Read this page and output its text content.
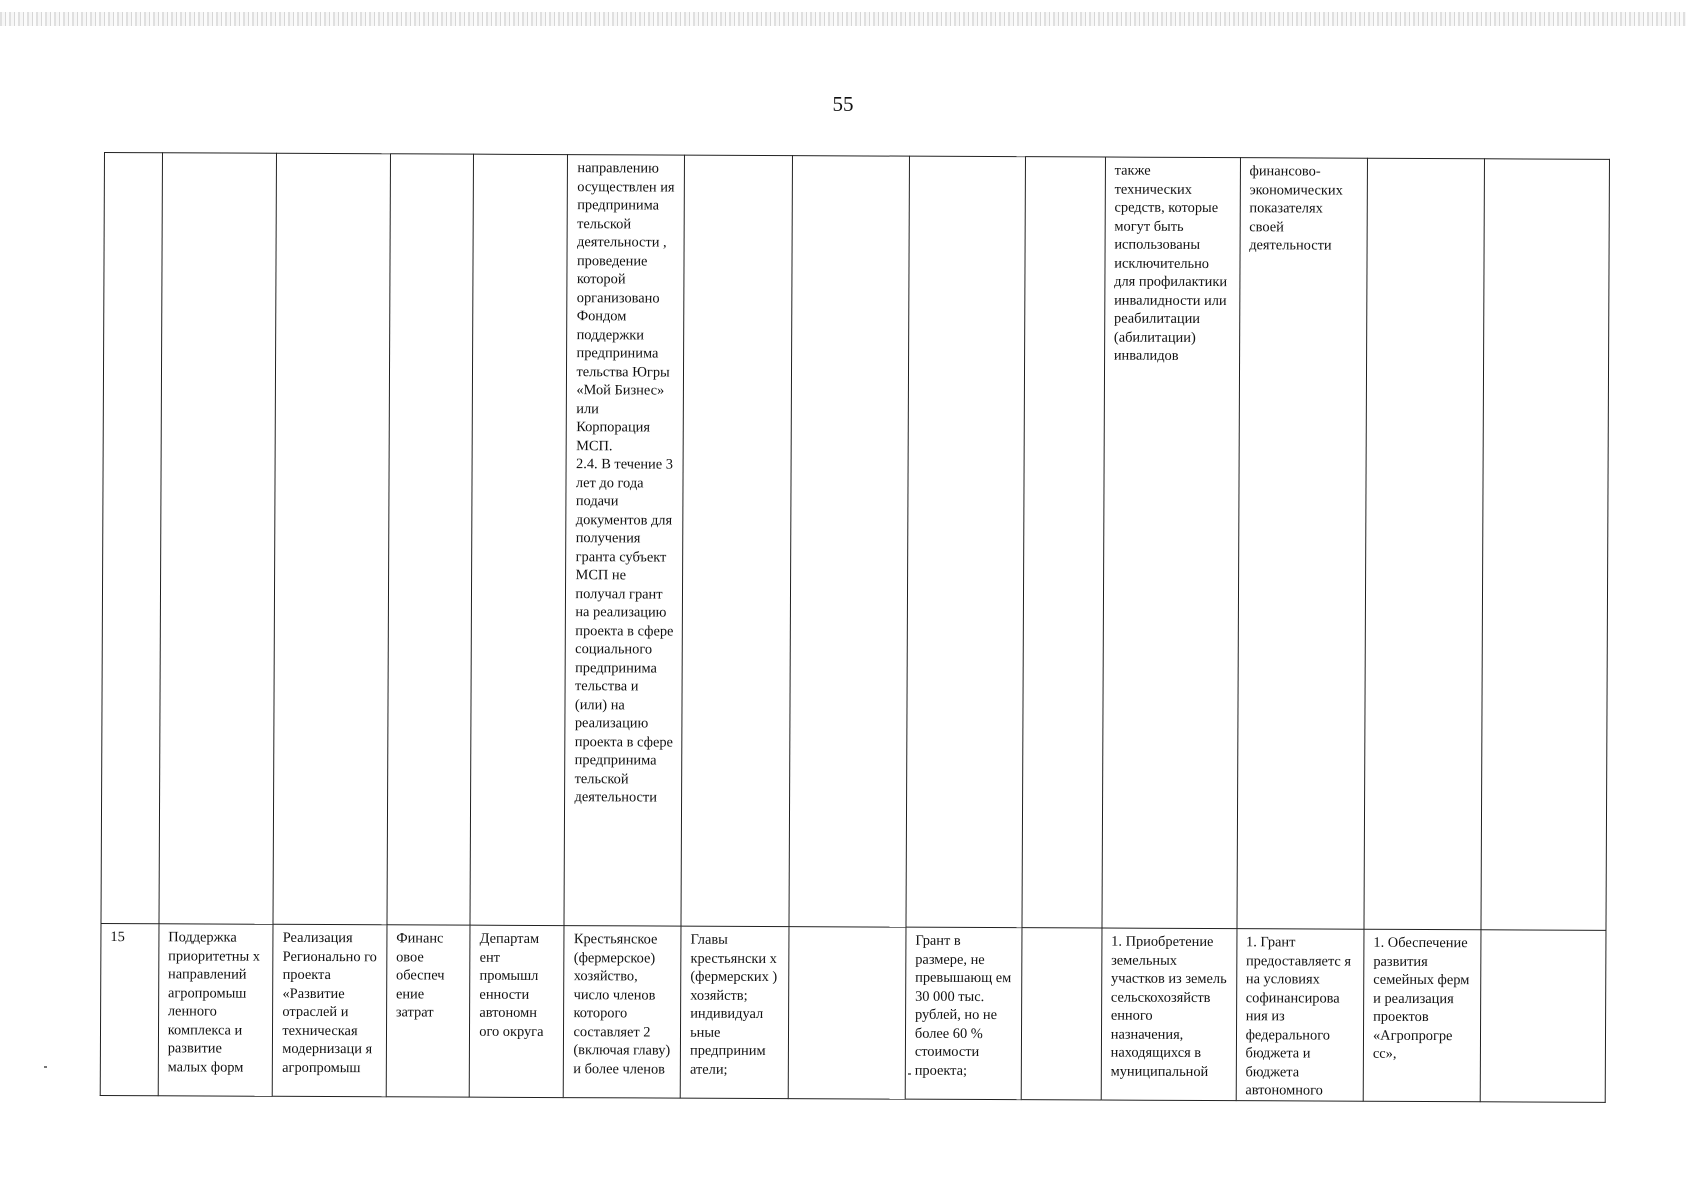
55

					направлению осуществлен ия предпринима тельской деятельности , проведение которой организовано Фондом поддержки предпринима тельства Югры «Мой Бизнес» или Корпорация МСП.
2.4. В течение 3 лет до года подачи документов для получения гранта субъект МСП не получал грант на реализацию проекта в сфере социального предпринима тельства и (или) на реализацию проекта в сфере предпринима тельской деятельности					также технических средств, которые могут быть использованы исключительно для профилактики инвалидности или реабилитации (абилитации) инвалидов	финансово- экономических показателях своей деятельности		

15	Поддержка приоритетны х направлений агропромыш ленного комплекса и развитие малых форм	Реализация Регионально го проекта «Развитие отраслей и техническая модернизаци я агропромыш	Финанс овое обеспеч ение затрат	Департам ент промышл енности автономн ого округа	Крестьянское (фермерское) хозяйство, число членов которого составляет 2 (включая главу) и более членов	Главы крестьянски х (фермерских ) хозяйств; индивидуал ьные предприним атели;		Грант в размере, не превышающ ем 30 000 тыс. рублей, но не более 60 % стоимости проекта;		1. Приобретение земельных участков из земель сельскохозяйств енного назначения, находящихся в муниципальной	1. Грант предоставляетс я на условиях софинансирова ния из федерального бюджета и бюджета автономного	1. Обеспечение развития семейных ферм и реализация проектов «Агропрогре сс»,	
